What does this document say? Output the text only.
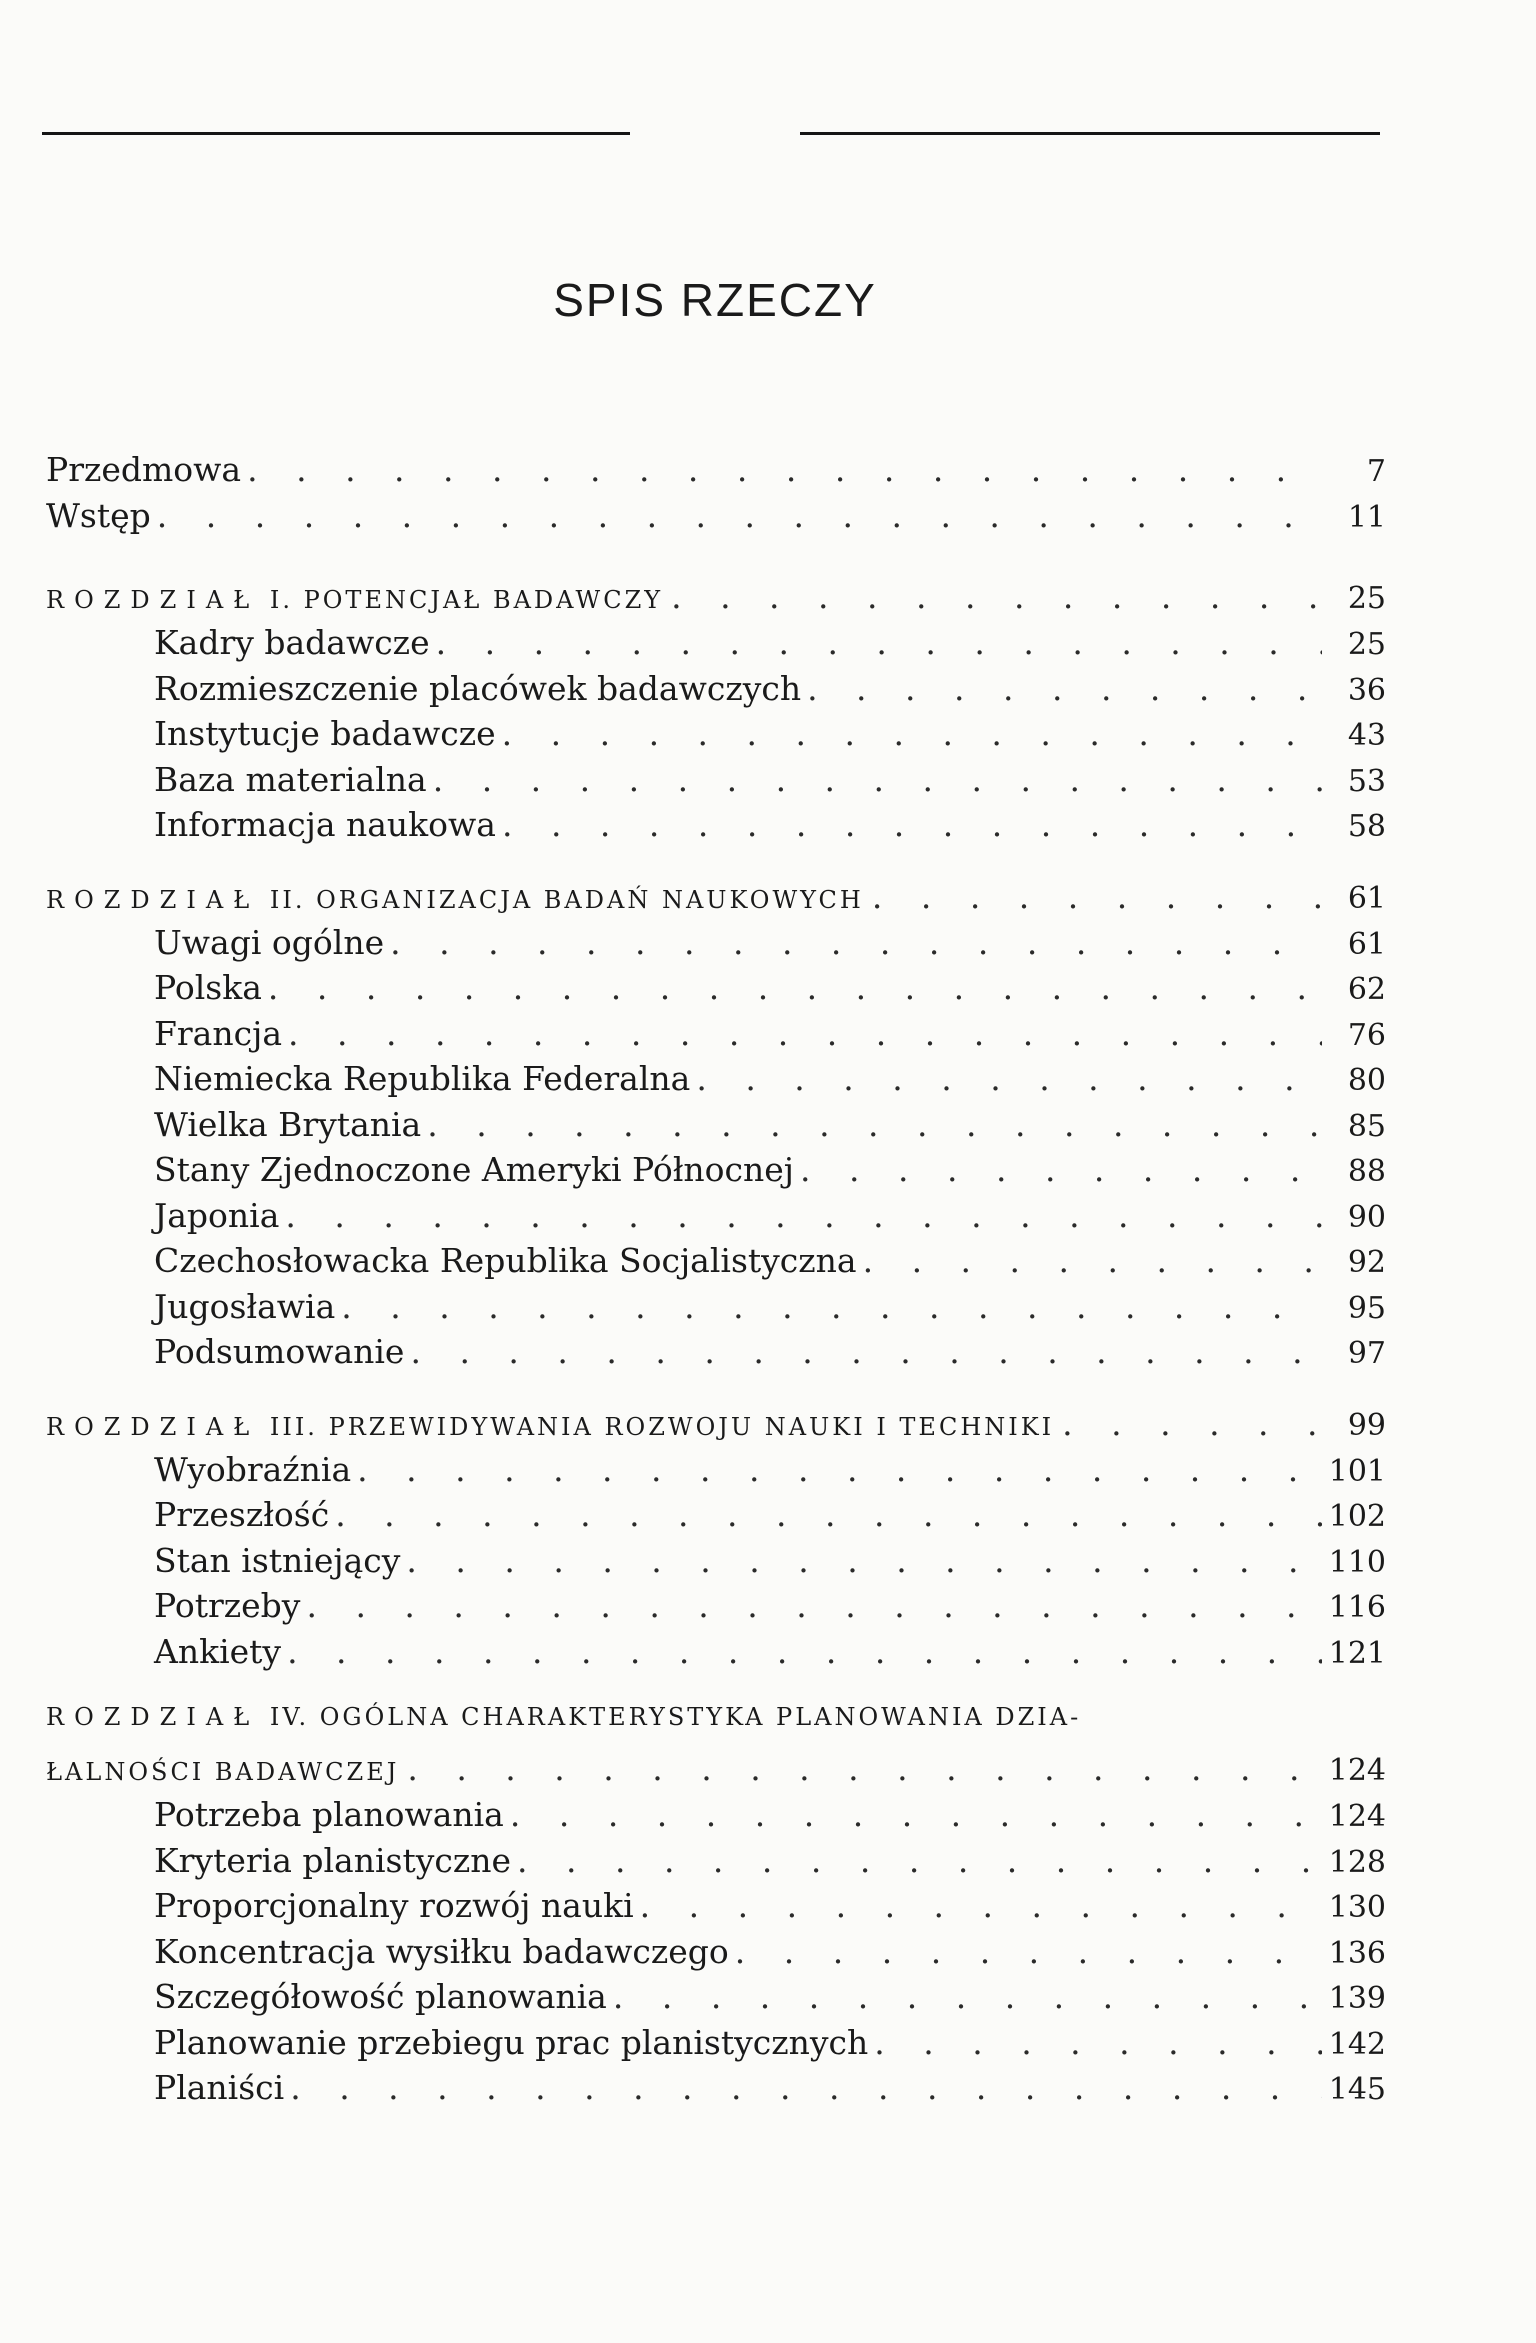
SPIS RZECZY
Przedmowa . . .	7
Wstęp . . .	11
ROZDZIAŁ I. POTENCJAŁ BADAWCZY . . .	25
Kadry badawcze . . .	25
Rozmieszczenie placówek badawczych . . .	36
Instytucje badawcze . . .	43
Baza materialna . . .	53
Informacja naukowa . . .	58
ROZDZIAŁ II. ORGANIZACJA BADAŃ NAUKOWYCH . . .	61
Uwagi ogólne . . .	61
Polska . . .	62
Francja . . .	76
Niemiecka Republika Federalna . . .	80
Wielka Brytania . . .	85
Stany Zjednoczone Ameryki Północnej . . .	88
Japonia . . .	90
Czechosłowacka Republika Socjalistyczna . . .	92
Jugosławia . . .	95
Podsumowanie . . .	97
ROZDZIAŁ III. PRZEWIDYWANIA ROZWOJU NAUKI I TECHNIKI . . .	99
Wyobraźnia . . .	101
Przeszłość . . .	102
Stan istniejący . . .	110
Potrzeby . . .	116
Ankiety . . .	121
ROZDZIAŁ IV. OGÓLNA CHARAKTERYSTYKA PLANOWANIA DZIA-
ŁALNOŚCI BADAWCZEJ . . .	124
Potrzeba planowania . . .	124
Kryteria planistyczne . . .	128
Proporcjonalny rozwój nauki . . .	130
Koncentracja wysiłku badawczego . . .	136
Szczegółowość planowania . . .	139
Planowanie przebiegu prac planistycznych . . .	142
Planiści . . .	145
